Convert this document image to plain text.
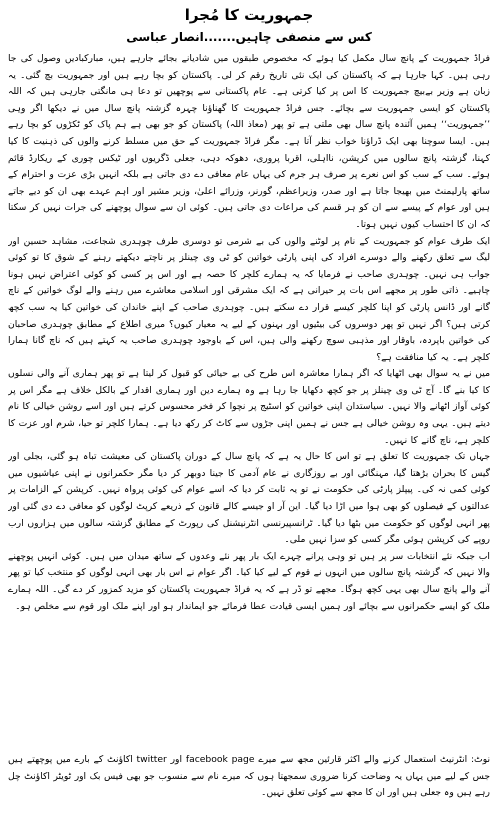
جمہوریت کا مُجرا
کس سے منصفی چاہیں.......انصار عباسی

فراڈ جمہوریت کے پانچ سال مکمل کیا ہوئے کہ مخصوص طبقوں میں شادیانے بجائے جارہے ہیں، مبارکبادیں وصول کی جا رہی ہیں۔ کہا جارہا ہے کہ پاکستان کی ایک نئی تاریخ رقم کر لی۔ پاکستان کو بچا رہے ہیں اور جمہوریت بچ گئی۔ یہ زبان ہے وزیر بےبیچ جمہوریت کا اس پر کیا کرتی ہے۔ عام پاکستانی سے پوچھیں تو دعا ہی مانگتی جارہی ہیں کہ اللہ پاکستان کو ایسی جمہوریت سے بچائے۔ جس فراڈ جمہوریت کا گھناؤنا چہرہ گزشتہ پانچ سال میں نے دیکھا اگر وہی ’’جمہوریت‘‘ ہمیں آئندہ پانچ سال بھی ملتی ہے تو پھر (معاذ اللہ) پاکستان کو جو بھی ہے ہم پاک کو ٹکڑوں کو بچا رہے ہیں۔ ایسا سوچنا بھی ایک ڈراؤنا خواب نظر آتا ہے۔ مگر فراڈ جمہوریت کے حق میں مسلط کرنے والوں کی ذہنیت کا کیا کہنا، گزشتہ پانچ سالوں میں کرپشن، نااہلی، اقربا پروری، دھوکہ دہی، جعلی ڈگریوں اور ٹیکس چوری کے ریکارڈ قائم ہوئے۔ سب کے سب کو اس نعرے پر صرف ہر جرم کی یہاں عام معافی دے دی جاتی ہے بلکہ انہیں بڑی عزت و احترام کے ساتھ پارلیمنٹ میں بھیجا جاتا ہے اور صدر، وزیراعظم، گورنر، وزرائے اعلیٰ، وزیر مشیر اور اہم عہدے بھی ان کو دیے جاتے ہیں اور عوام کے پیسے سے ان کو ہر قسم کی مراعات دی جاتی ہیں۔ کوئی ان سے سوال پوچھنے کی جرات نہیں کر سکتا کہ ان کا احتساب کیوں نہیں ہوتا۔

ایک طرف عوام کو جمہوریت کے نام پر لوٹنے والوں کی بے شرمی تو دوسری طرف چوہدری شجاعت، مشاہد حسین اور لیگ سے تعلق رکھنے والے دوسرے افراد کی اپنی پارٹی خواتین کو ٹی وی چینلز پر ناچتے دیکھتے رہنے کے شوق کا تو کوئی جواب ہی نہیں۔ چوہدری صاحب نے فرمایا کہ یہ ہمارے کلچر کا حصہ ہے اور اس پر کسی کو کوئی اعتراض نہیں ہونا چاہیے۔ ذاتی طور پر مجھے اس بات پر حیرانی ہے کہ ایک مشرقی اور اسلامی معاشرے میں رہنے والے لوگ خواتین کے ناچ گانے اور ڈانس پارٹی کو اپنا کلچر کیسے قرار دے سکتے ہیں۔ چوہدری صاحب کے اپنے خاندان کی خواتین کیا یہ سب کچھ کرتی ہیں؟ اگر نہیں تو پھر دوسروں کی بیٹیوں اور بہنوں کے لیے یہ معیار کیوں؟ میری اطلاع کے مطابق چوہدری صاحبان کی خواتین باپردہ، باوقار اور مذہبی سوچ رکھنے والی ہیں، اس کے باوجود چوہدری صاحب یہ کہتے ہیں کہ ناچ گانا ہمارا کلچر ہے۔ یہ کیا منافقت ہے؟

میں نے یہ سوال بھی اٹھایا کہ اگر ہمارا معاشرہ اس طرح کی بے حیائی کو قبول کر لیتا ہے تو پھر ہماری آنے والی نسلوں کا کیا بنے گا۔ آج ٹی وی چینلز پر جو کچھ دکھایا جا رہا ہے وہ ہمارے دین اور ہماری اقدار کے بالکل خلاف ہے مگر اس پر کوئی آواز اٹھانے والا نہیں۔ سیاستدان اپنی خواتین کو اسٹیج پر نچوا کر فخر محسوس کرتے ہیں اور اسے روشن خیالی کا نام دیتے ہیں۔ یہی وہ روشن خیالی ہے جس نے ہمیں اپنی جڑوں سے کاٹ کر رکھ دیا ہے۔ ہمارا کلچر تو حیا، شرم اور عزت کا کلچر ہے، ناچ گانے کا نہیں۔

جہاں تک جمہوریت کا تعلق ہے تو اس کا حال یہ ہے کہ پانچ سال کے دوران پاکستان کی معیشت تباہ ہو گئی، بجلی اور گیس کا بحران بڑھتا گیا، مہنگائی اور بے روزگاری نے عام آدمی کا جینا دوبھر کر دیا مگر حکمرانوں نے اپنی عیاشیوں میں کوئی کمی نہ کی۔ پیپلز پارٹی کی حکومت نے تو یہ ثابت کر دیا کہ اسے عوام کی کوئی پرواہ نہیں۔ کرپشن کے الزامات پر عدالتوں کے فیصلوں کو بھی ہوا میں اڑا دیا گیا۔ این آر او جیسے کالے قانون کے ذریعے کرپٹ لوگوں کو معافی دے دی گئی اور پھر انہی لوگوں کو حکومت میں بٹھا دیا گیا۔ ٹرانسپیرنسی انٹرنیشنل کی رپورٹ کے مطابق گزشتہ سالوں میں ہزاروں ارب روپے کی کرپشن ہوئی مگر کسی کو سزا نہیں ملی۔

اب جبکہ نئے انتخابات سر پر ہیں تو وہی پرانے چہرے ایک بار پھر نئے وعدوں کے ساتھ میدان میں ہیں۔ کوئی انہیں پوچھنے والا نہیں کہ گزشتہ پانچ سالوں میں انہوں نے قوم کے لیے کیا کیا۔ اگر عوام نے اس بار بھی انہی لوگوں کو منتخب کیا تو پھر آنے والے پانچ سال بھی یہی کچھ ہوگا۔ مجھے تو ڈر ہے کہ یہ فراڈ جمہوریت پاکستان کو مزید کمزور کر دے گی۔ اللہ ہمارے ملک کو ایسے حکمرانوں سے بچائے اور ہمیں ایسی قیادت عطا فرمائے جو ایماندار ہو اور اپنے ملک اور قوم سے مخلص ہو۔

نوٹ: انٹرنیٹ استعمال کرنے والے اکثر قارئین مجھ سے میرے facebook page اور twitter اکاؤنٹ کے بارے میں پوچھتے ہیں جس کے لیے میں یہاں یہ وضاحت کرنا ضروری سمجھتا ہوں کہ میرے نام سے منسوب جو بھی فیس بک اور ٹویٹر اکاؤنٹ چل رہے ہیں وہ جعلی ہیں اور ان کا مجھ سے کوئی تعلق نہیں۔
